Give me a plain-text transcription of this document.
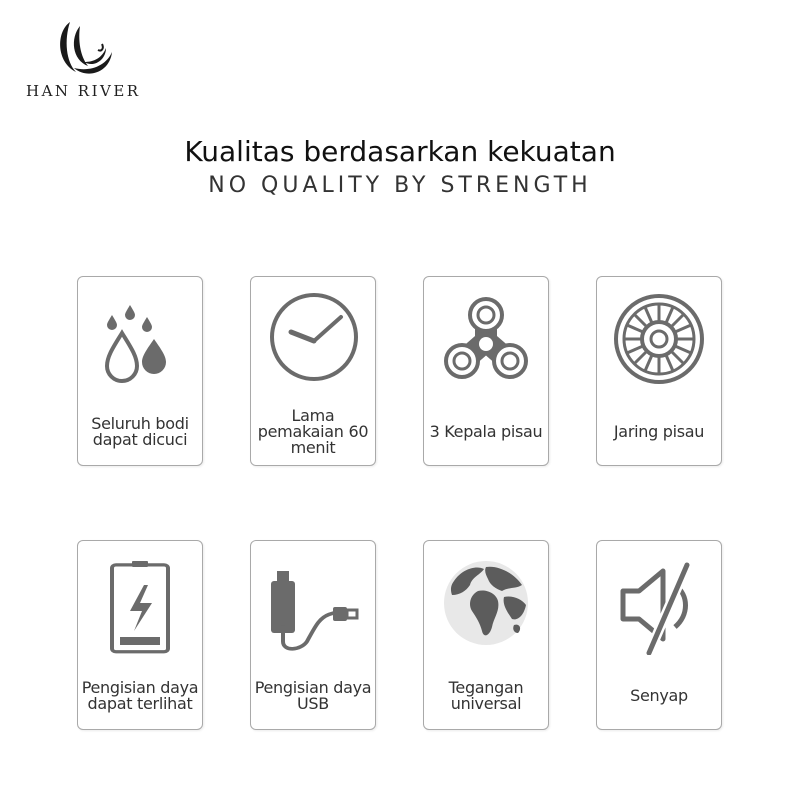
HAN RIVER
Kualitas berdasarkan kekuatan
NO QUALITY BY STRENGTH
Seluruh bodi dapat dicuci
Lama pemakaian 60 menit
3 Kepala pisau	Jaring pisau
Pengisian daya dapat terlihat
Pengisian daya USB
Tegangan universal	Senyap
